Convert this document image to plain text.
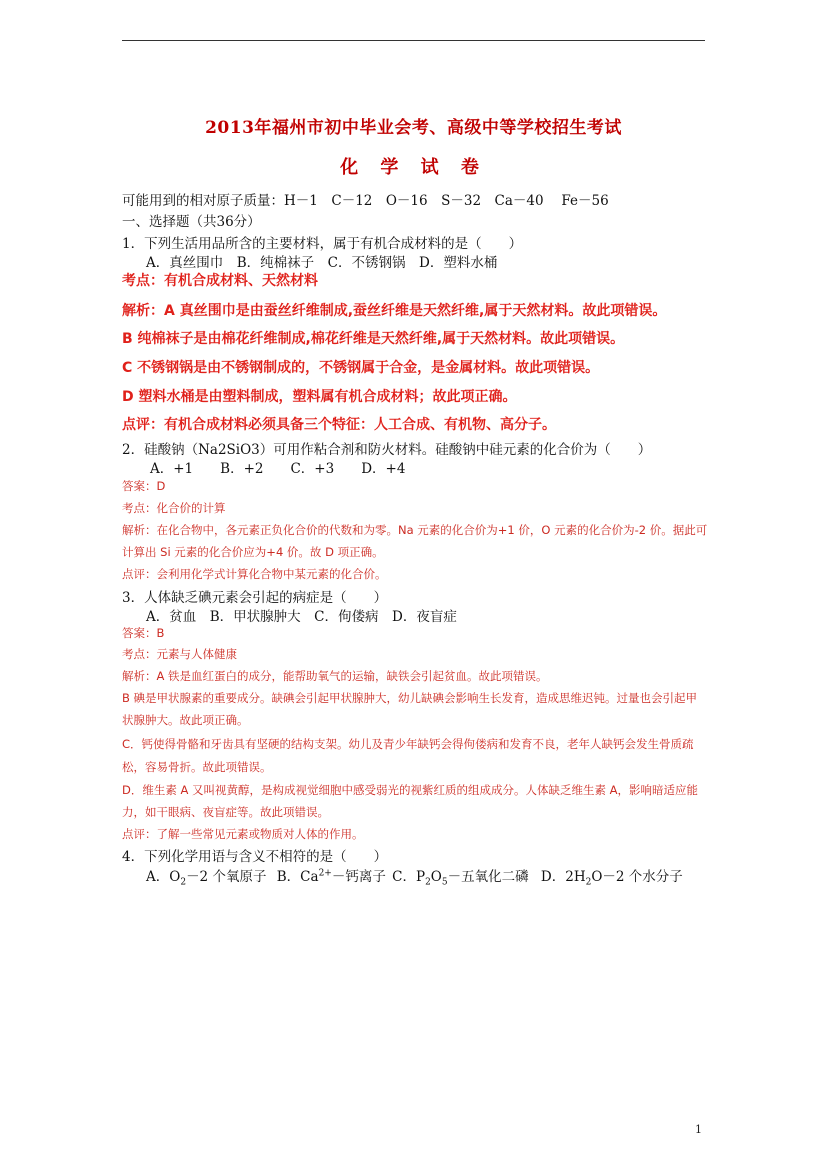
2013年福州市初中毕业会考、高级中等学校招生考试
化 学 试 卷
可能用到的相对原子质量：H－1　C－12　O－16　S－32　Ca－40　 Fe－56
一、选择题（共36分）
1．下列生活用品所含的主要材料，属于有机合成材料的是（　　）
A．真丝围巾　B．纯棉袜子　C．不锈钢锅　D．塑料水桶
考点：有机合成材料、天然材料
解析：A 真丝围巾是由蚕丝纤维制成,蚕丝纤维是天然纤维,属于天然材料。故此项错误。
B 纯棉袜子是由棉花纤维制成,棉花纤维是天然纤维,属于天然材料。故此项错误。
C 不锈钢锅是由不锈钢制成的，不锈钢属于合金，是金属材料。故此项错误。
D 塑料水桶是由塑料制成，塑料属有机合成材料；故此项正确。
点评：有机合成材料必须具备三个特征：人工合成、有机物、高分子。
2．硅酸钠（Na2SiO3）可用作粘合剂和防火材料。硅酸钠中硅元素的化合价为（　　）
A．+1　　B．+2　　C．+3　　D．+4
答案：D
考点：化合价的计算
解析：在化合物中，各元素正负化合价的代数和为零。Na 元素的化合价为+1 价，O 元素的化合价为-2 价。据此可
计算出 Si 元素的化合价应为+4 价。故 D 项正确。
点评：会利用化学式计算化合物中某元素的化合价。
3．人体缺乏碘元素会引起的病症是（　　）
A．贫血　B．甲状腺肿大　C．佝偻病　D．夜盲症
答案：B
考点：元素与人体健康
解析：A 铁是血红蛋白的成分，能帮助氧气的运输，缺铁会引起贫血。故此项错误。
B 碘是甲状腺素的重要成分。缺碘会引起甲状腺肿大，幼儿缺碘会影响生长发育，造成思维迟钝。过量也会引起甲
状腺肿大。故此项正确。
C．钙使得骨骼和牙齿具有坚硬的结构支架。幼儿及青少年缺钙会得佝偻病和发育不良，老年人缺钙会发生骨质疏
松，容易骨折。故此项错误。
D．维生素 A 又叫视黄醇，是构成视觉细胞中感受弱光的视紫红质的组成成分。人体缺乏维生素 A，影响暗适应能
力，如干眼病、夜盲症等。故此项错误。
点评：了解一些常见元素或物质对人体的作用。
4．下列化学用语与含义不相符的是（　　）
A．$O_2-2$ 个氧原子 B．$Ca^{2+}-$钙离子 C．$P_2O_5-$五氧化二磷 D．$2H_2O-2$ 个水分子
1
